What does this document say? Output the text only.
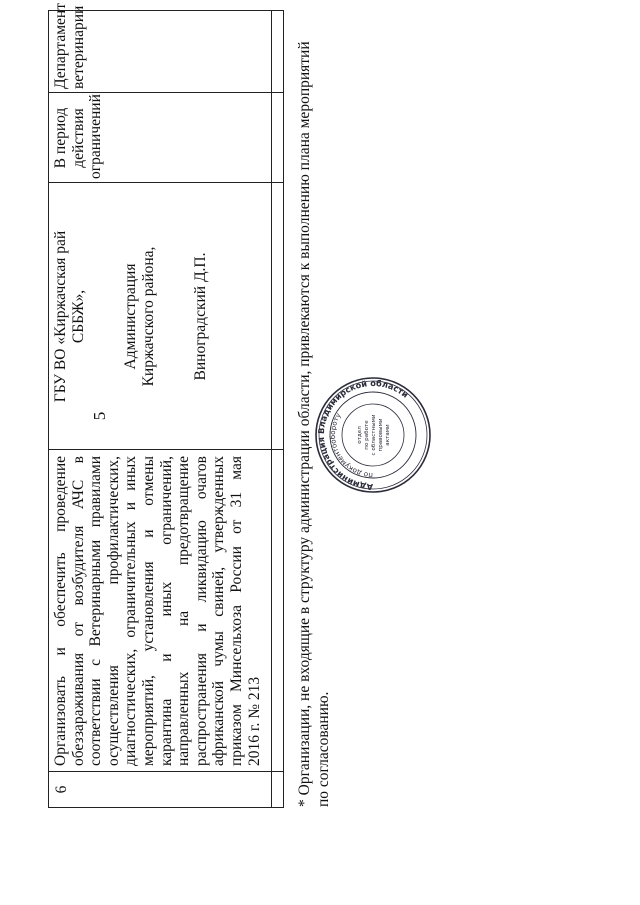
5
6
Организовать и обеспечить проведение обеззараживания от возбудителя АЧС в соответствии с Ветеринарными правилами осуществления
профилактических, диагностических, ограничительных и иных мероприятий, установления и отмены карантина
и
иных
ограничений,
направленных
на
предотвращение распространения и ликвидацию очагов африканской чумы свиней, утвержденных приказом Минсельхоза России от 31 мая 2016 г. № 213
ГБУ ВО «Киржачская рай СББЖ», Администрация Киржачского района, Виноградский Д.П.
В период действия ограничений
Департамент ветеринарии	* Организации, не входящие в структуру администрации области, привлекаются к выполнению плана мероприятий по согласованию.
Администрация Владимирской области
по документообороту
отдел по работе с областными правовыми актами
